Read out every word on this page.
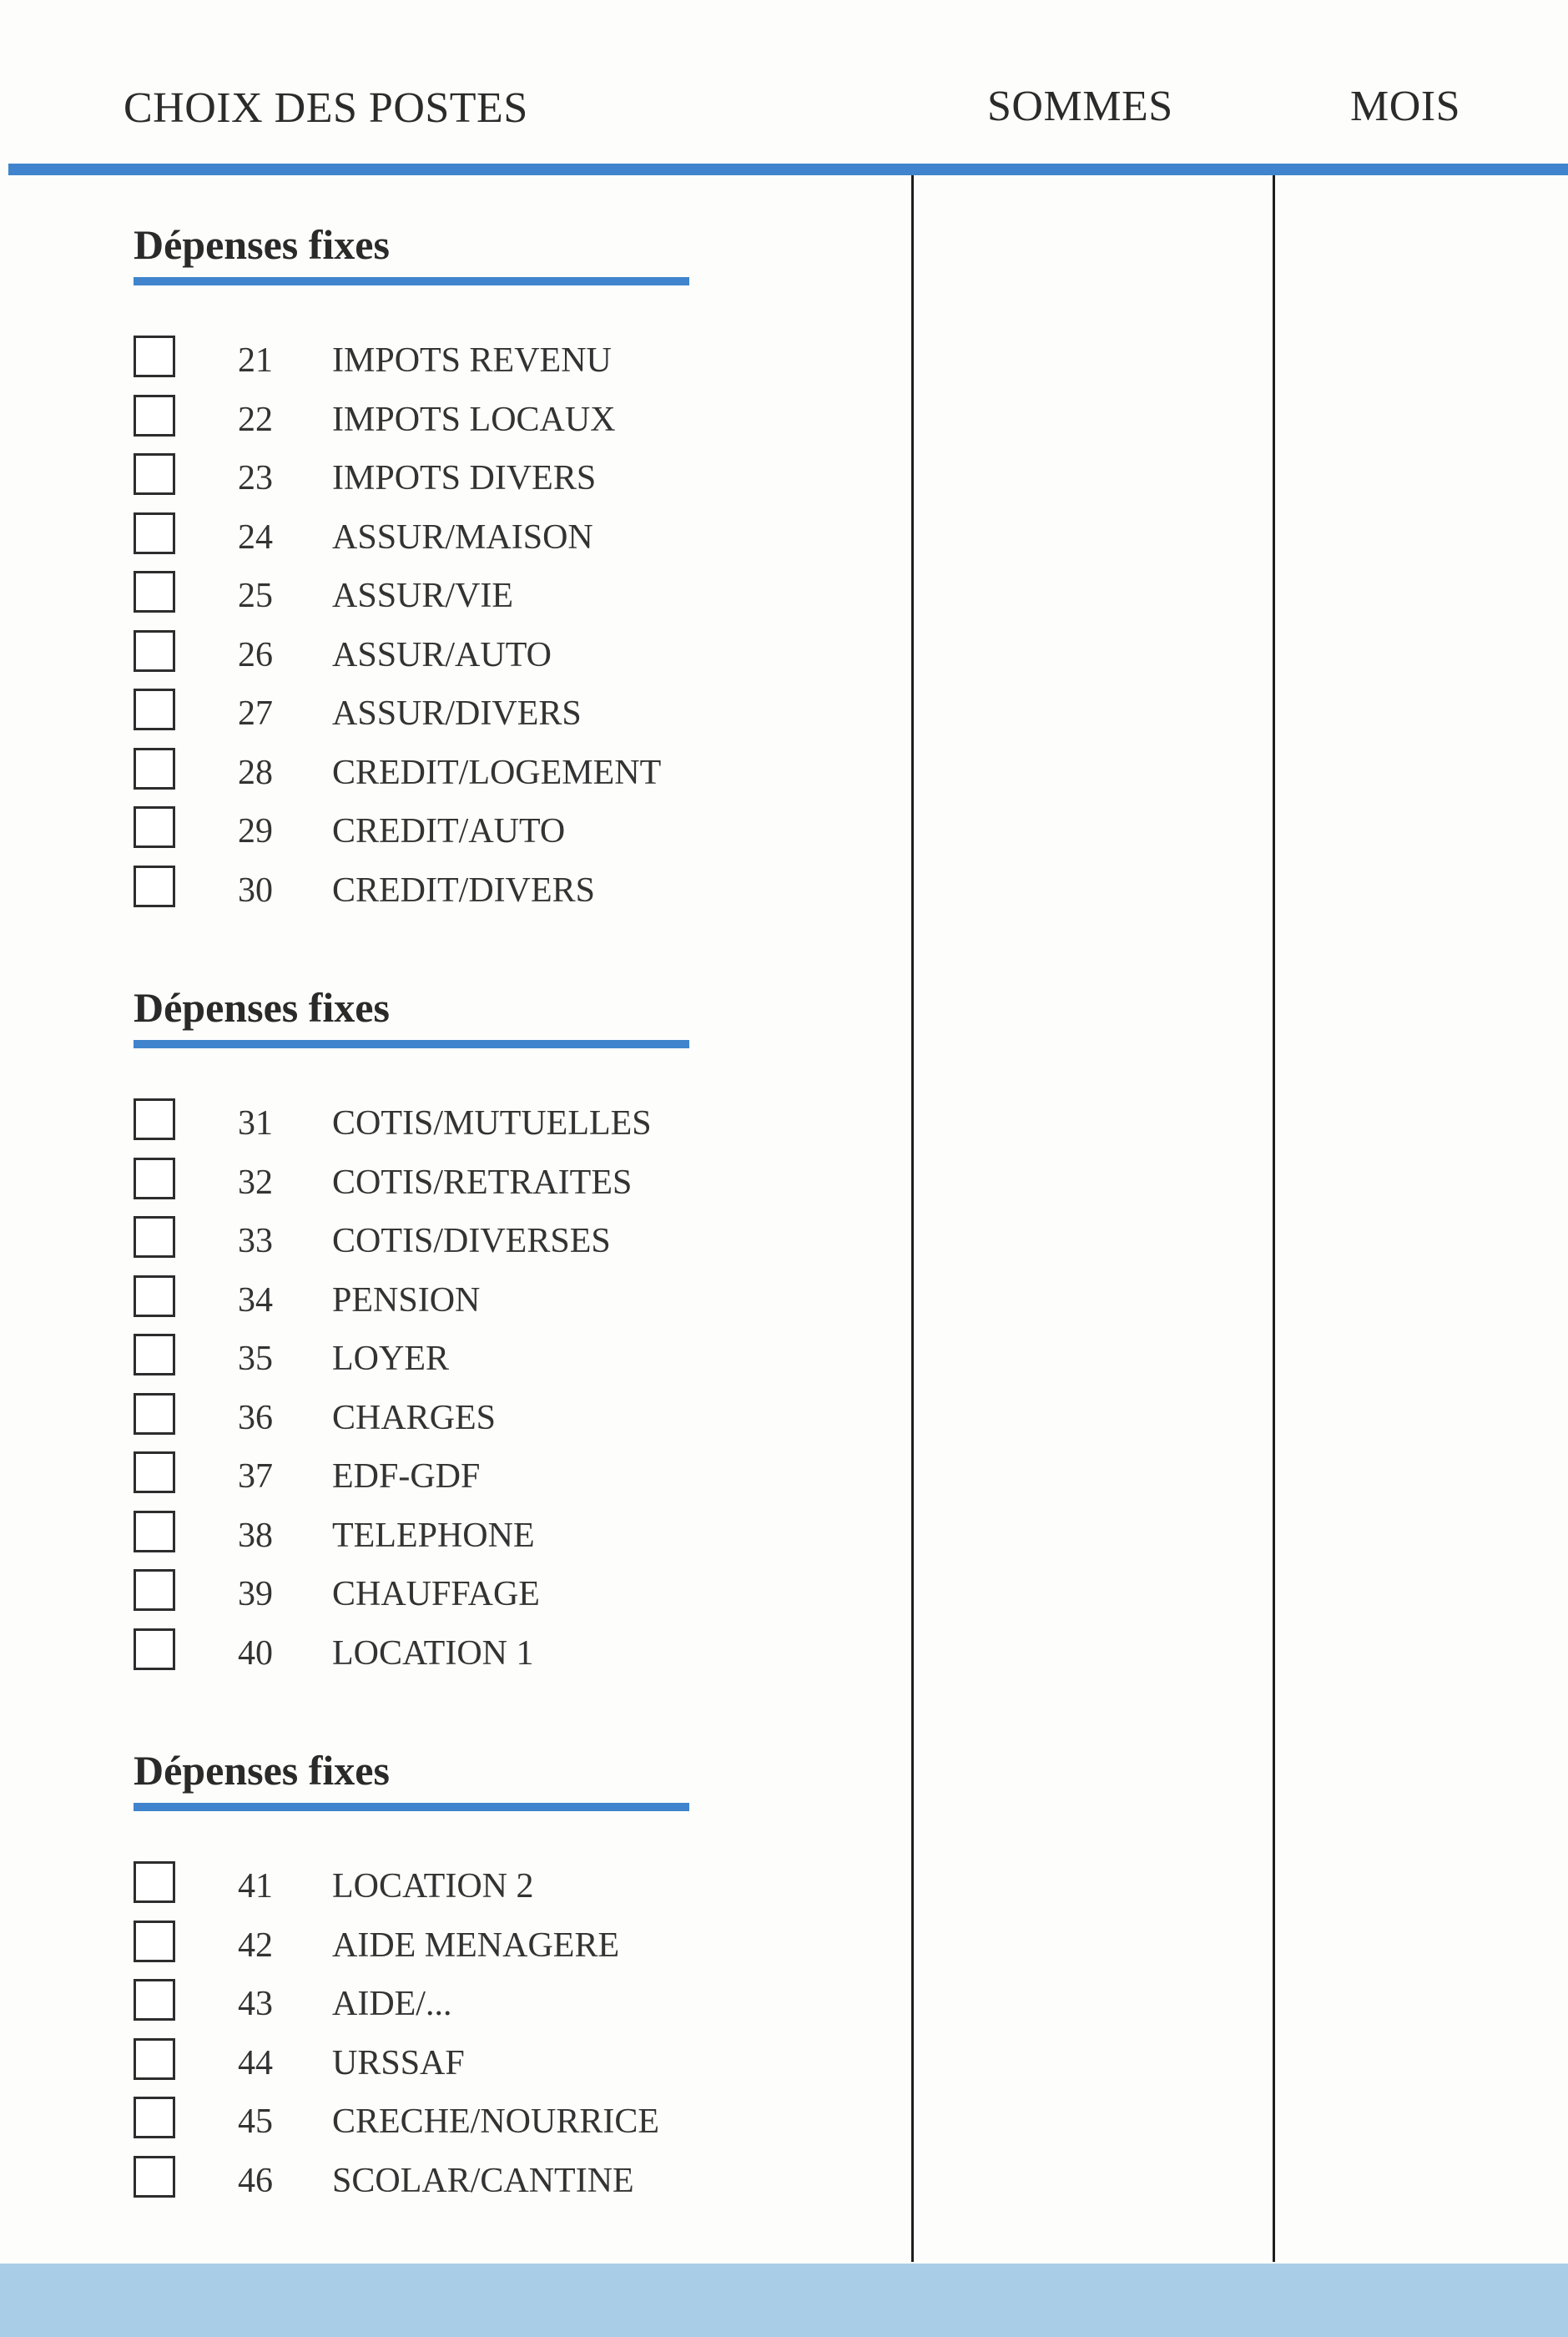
CHOIX DES POSTES	SOMMES	MOIS
Dépenses fixes
21 IMPOTS REVENU
22 IMPOTS LOCAUX
23 IMPOTS DIVERS
24 ASSUR/MAISON
25 ASSUR/VIE
26 ASSUR/AUTO
27 ASSUR/DIVERS
28 CREDIT/LOGEMENT
29 CREDIT/AUTO
30 CREDIT/DIVERS
Dépenses fixes
31 COTIS/MUTUELLES
32 COTIS/RETRAITES
33 COTIS/DIVERSES
34 PENSION
35 LOYER
36 CHARGES
37 EDF-GDF
38 TELEPHONE
39 CHAUFFAGE
40 LOCATION 1
Dépenses fixes
41 LOCATION 2
42 AIDE MENAGERE
43 AIDE/...
44 URSSAF
45 CRECHE/NOURRICE
46 SCOLAR/CANTINE
